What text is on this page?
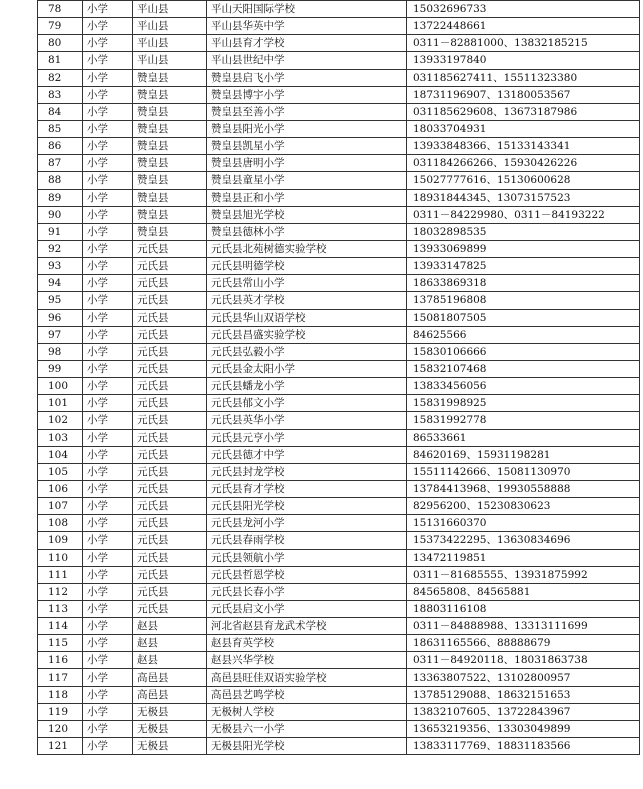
78	小学	平山县	平山天阳国际学校	15032696733
79	小学	平山县	平山县华英中学	13722448661
80	小学	平山县	平山县育才学校	0311－82881000、13832185215
81	小学	平山县	平山县世纪中学	13933197840
82	小学	赞皇县	赞皇县启飞小学	031185627411、15511323380
83	小学	赞皇县	赞皇县博宇小学	18731196907、13180053567
84	小学	赞皇县	赞皇县至善小学	031185629608、13673187986
85	小学	赞皇县	赞皇县阳光小学	18033704931
86	小学	赞皇县	赞皇县凯星小学	13933848366、15133143341
87	小学	赞皇县	赞皇县唐明小学	031184266266、15930426226
88	小学	赞皇县	赞皇县童星小学	15027777616、15130600628
89	小学	赞皇县	赞皇县正和小学	18931844345、13073157523
90	小学	赞皇县	赞皇县旭光学校	0311－84229980、0311－84193222
91	小学	赞皇县	赞皇县德林小学	18032898535
92	小学	元氏县	元氏县北苑树德实验学校	13933069899
93	小学	元氏县	元氏县明德学校	13933147825
94	小学	元氏县	元氏县常山小学	18633869318
95	小学	元氏县	元氏县英才学校	13785196808
96	小学	元氏县	元氏县华山双语学校	15081807505
97	小学	元氏县	元氏县昌盛实验学校	84625566
98	小学	元氏县	元氏县弘毅小学	15830106666
99	小学	元氏县	元氏县金太阳小学	15832107468
100	小学	元氏县	元氏县蟠龙小学	13833456056
101	小学	元氏县	元氏县郁文小学	15831998925
102	小学	元氏县	元氏县英华小学	15831992778
103	小学	元氏县	元氏县元亨小学	86533661
104	小学	元氏县	元氏县德才中学	84620169、15931198281
105	小学	元氏县	元氏县封龙学校	15511142666、15081130970
106	小学	元氏县	元氏县育才学校	13784413968、19930558888
107	小学	元氏县	元氏县阳光学校	82956200、15230830623
108	小学	元氏县	元氏县龙河小学	15131660370
109	小学	元氏县	元氏县春雨学校	15373422295、13630834696
110	小学	元氏县	元氏县领航小学	13472119851
111	小学	元氏县	元氏县哲恩学校	0311－81685555、13931875992
112	小学	元氏县	元氏县长春小学	84565808、84565881
113	小学	元氏县	元氏县启文小学	18803116108
114	小学	赵县	河北省赵县育龙武术学校	0311－84888988、13313111699
115	小学	赵县	赵县育英学校	18631165566、88888679
116	小学	赵县	赵县兴华学校	0311－84920118、18031863738
117	小学	高邑县	高邑县旺佳双语实验学校	13363807522、13102800957
118	小学	高邑县	高邑县艺鸣学校	13785129088、18632151653
119	小学	无极县	无极树人学校	13832107605、13722843967
120	小学	无极县	无极县六一小学	13653219356、13303049899
121	小学	无极县	无极县阳光学校	13833117769、18831183566
